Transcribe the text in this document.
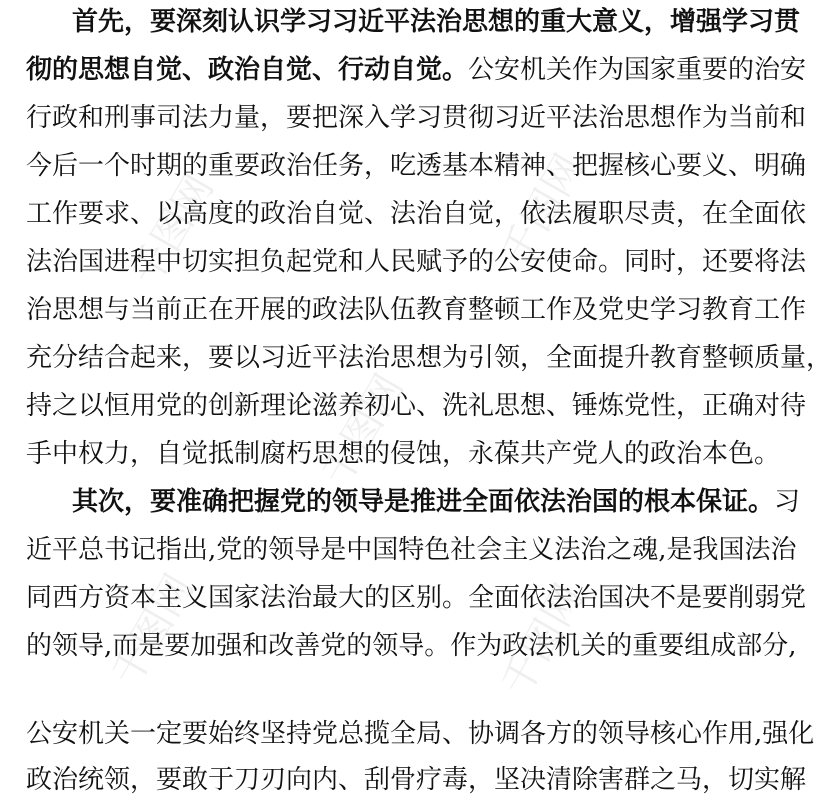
千图网	千图网
千图网
千图网	千图网
首先，要深刻认识学习习近平法治思想的重大意义，增强学习贯
彻的思想自觉、政治自觉、行动自觉。公安机关作为国家重要的治安
行政和刑事司法力量，要把深入学习贯彻习近平法治思想作为当前和
今后一个时期的重要政治任务，吃透基本精神、把握核心要义、明确
工作要求、以高度的政治自觉、法治自觉，依法履职尽责，在全面依
法治国进程中切实担负起党和人民赋予的公安使命。同时，还要将法
治思想与当前正在开展的政法队伍教育整顿工作及党史学习教育工作
充分结合起来，要以习近平法治思想为引领，全面提升教育整顿质量，
持之以恒用党的创新理论滋养初心、洗礼思想、锤炼党性，正确对待
手中权力，自觉抵制腐朽思想的侵蚀，永葆共产党人的政治本色。
其次，要准确把握党的领导是推进全面依法治国的根本保证。习
近平总书记指出,党的领导是中国特色社会主义法治之魂,是我国法治
同西方资本主义国家法治最大的区别。全面依法治国决不是要削弱党
的领导,而是要加强和改善党的领导。作为政法机关的重要组成部分,
公安机关一定要始终坚持党总揽全局、协调各方的领导核心作用,强化
政治统领，要敢于刀刃向内、刮骨疗毒，坚决清除害群之马，切实解
